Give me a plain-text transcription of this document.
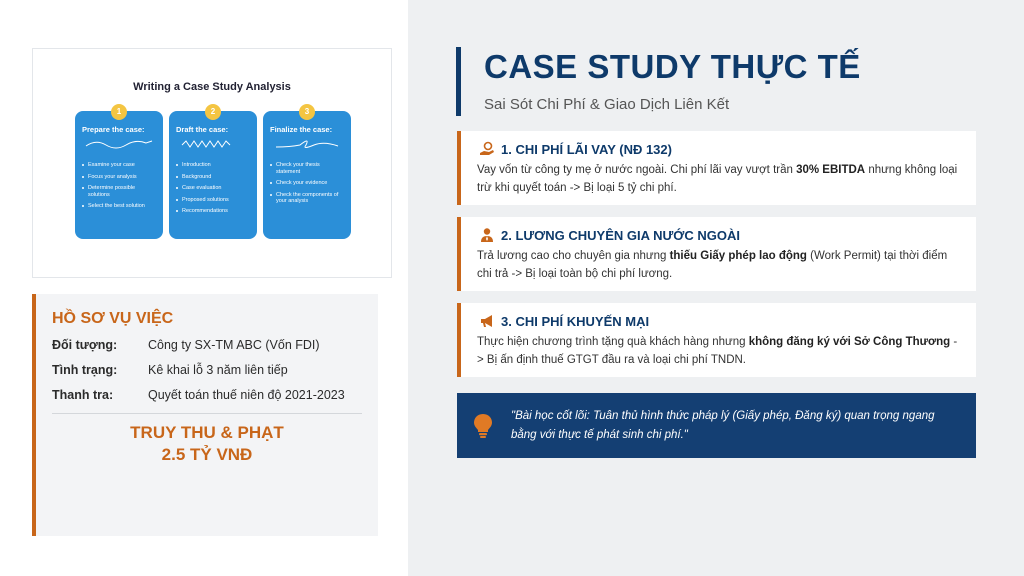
Writing a Case Study Analysis
1
Prepare the case:
Examine your case
Focus your analysis
Determine possible solutions
Select the best solution
2
Draft the case:
Introduction
Background
Case evaluation
Proposed solutions
Recommendations
3
Finalize the case:
Check your thesis statement
Check your evidence
Check the components of your analysis
HỒ SƠ VỤ VIỆC
Đối tượng:	Công ty SX-TM ABC (Vốn FDI)
Tình trạng:	Kê khai lỗ 3 năm liên tiếp
Thanh tra:	Quyết toán thuế niên độ 2021-2023
TRUY THU & PHẠT
2.5 TỶ VNĐ
CASE STUDY THỰC TẾ
Sai Sót Chi Phí & Giao Dịch Liên Kết
1. CHI PHÍ LÃI VAY (NĐ 132)
Vay vốn từ công ty mẹ ở nước ngoài. Chi phí lãi vay vượt trần 30% EBITDA nhưng không loại trừ khi quyết toán -> Bị loại 5 tỷ chi phí.
2. LƯƠNG CHUYÊN GIA NƯỚC NGOÀI
Trả lương cao cho chuyên gia nhưng thiếu Giấy phép lao động (Work Permit) tại thời điểm chi trả -> Bị loại toàn bộ chi phí lương.
3. CHI PHÍ KHUYẾN MẠI
Thực hiện chương trình tặng quà khách hàng nhưng không đăng ký với Sở Công Thương -> Bị ấn định thuế GTGT đầu ra và loại chi phí TNDN.
"Bài học cốt lõi: Tuân thủ hình thức pháp lý (Giấy phép, Đăng ký) quan trọng ngang bằng với thực tế phát sinh chi phí."
